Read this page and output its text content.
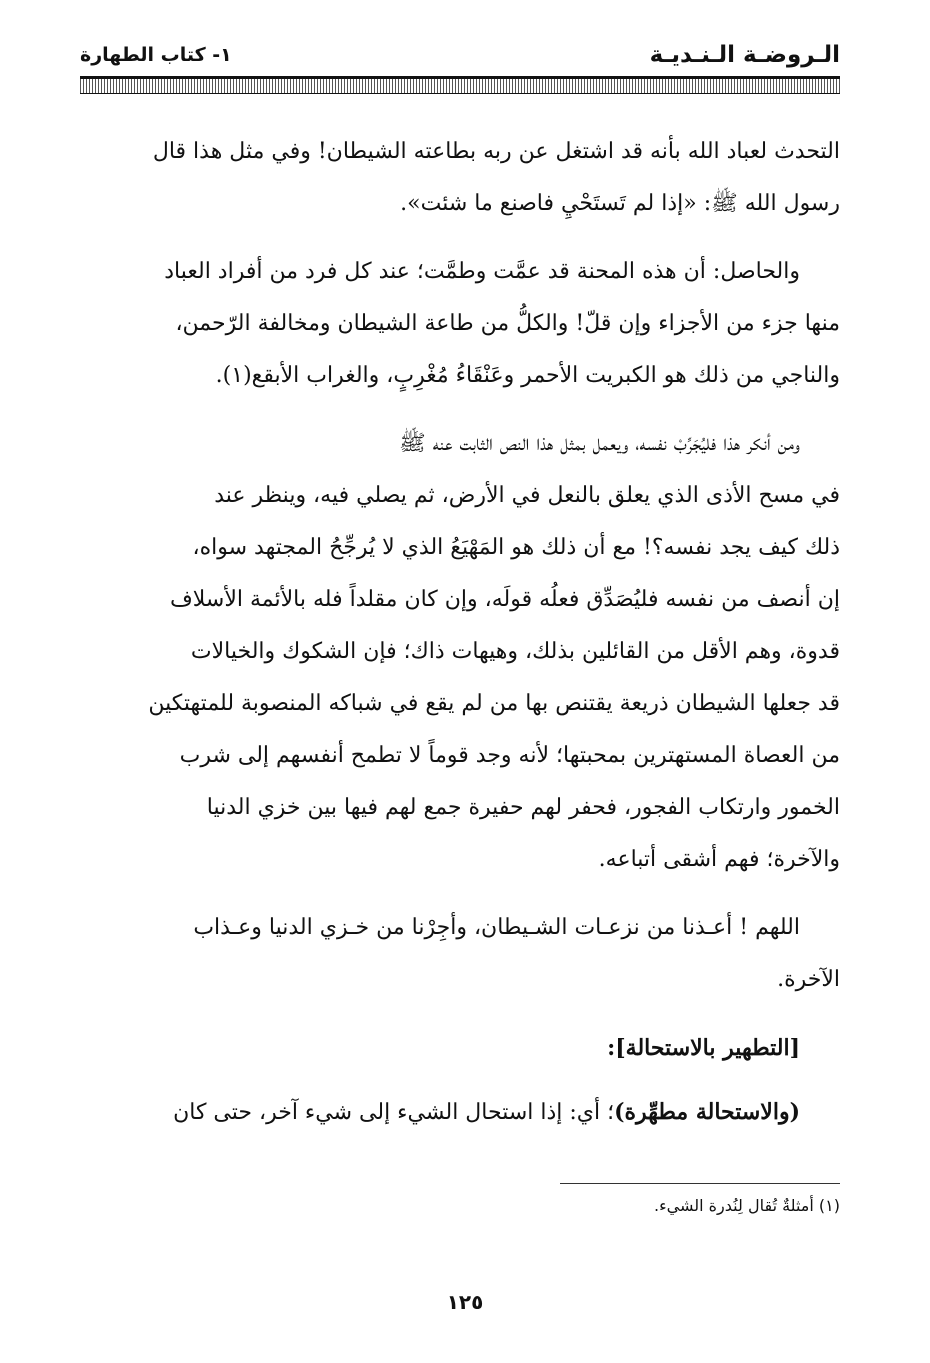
الـروضـة الـنـديـة
١- كتاب الطهارة
التحدث لعباد الله بأنه قد اشتغل عن ربه بطاعته الشيطان! وفي مثل هذا قال
رسول الله ﷺ: «إذا لم تَستَحْيِ فاصنع ما شئت».
والحاصل: أن هذه المحنة قد عمَّت وطمَّت؛ عند كل فرد من أفراد العباد
منها جزء من الأجزاء وإن قلّ! والكلُّ من طاعة الشيطان ومخالفة الرّحمن،
والناجي من ذلك هو الكبريت الأحمر وعَنْقَاءُ مُغْرِبٍ، والغراب الأبقع(١).
ومن أنكر هذا فليُجَرِّبْ نفسه، ويعمل بمثل هذا النص الثابت عنه ﷺ
في مسح الأذى الذي يعلق بالنعل في الأرض، ثم يصلي فيه، وينظر عند
ذلك كيف يجد نفسه؟! مع أن ذلك هو المَهْيَعُ الذي لا يُرجِّحُ المجتهد سواه،
إن أنصف من نفسه فليُصَدِّق فعلُه قولَه، وإن كان مقلداً فله بالأئمة الأسلاف
قدوة، وهم الأقل من القائلين بذلك، وهيهات ذاك؛ فإن الشكوك والخيالات
قد جعلها الشيطان ذريعة يقتنص بها من لم يقع في شباكه المنصوبة للمتهتكين
من العصاة المستهترين بمحبتها؛ لأنه وجد قوماً لا تطمح أنفسهم إلى شرب
الخمور وارتكاب الفجور، فحفر لهم حفيرة جمع لهم فيها بين خزي الدنيا
والآخرة؛ فهم أشقى أتباعه.
اللهم ! أعـذنا من نزعـات الشـيطان، وأجِرْنا من خـزي الدنيا وعـذاب
الآخرة.
[التطهير بالاستحالة]:
(والاستحالة مطهِّرة)؛ أي: إذا استحال الشيء إلى شيء آخر، حتى كان
(١) أمثلةٌ تُقال لِنُدرة الشيء.
١٢٥
